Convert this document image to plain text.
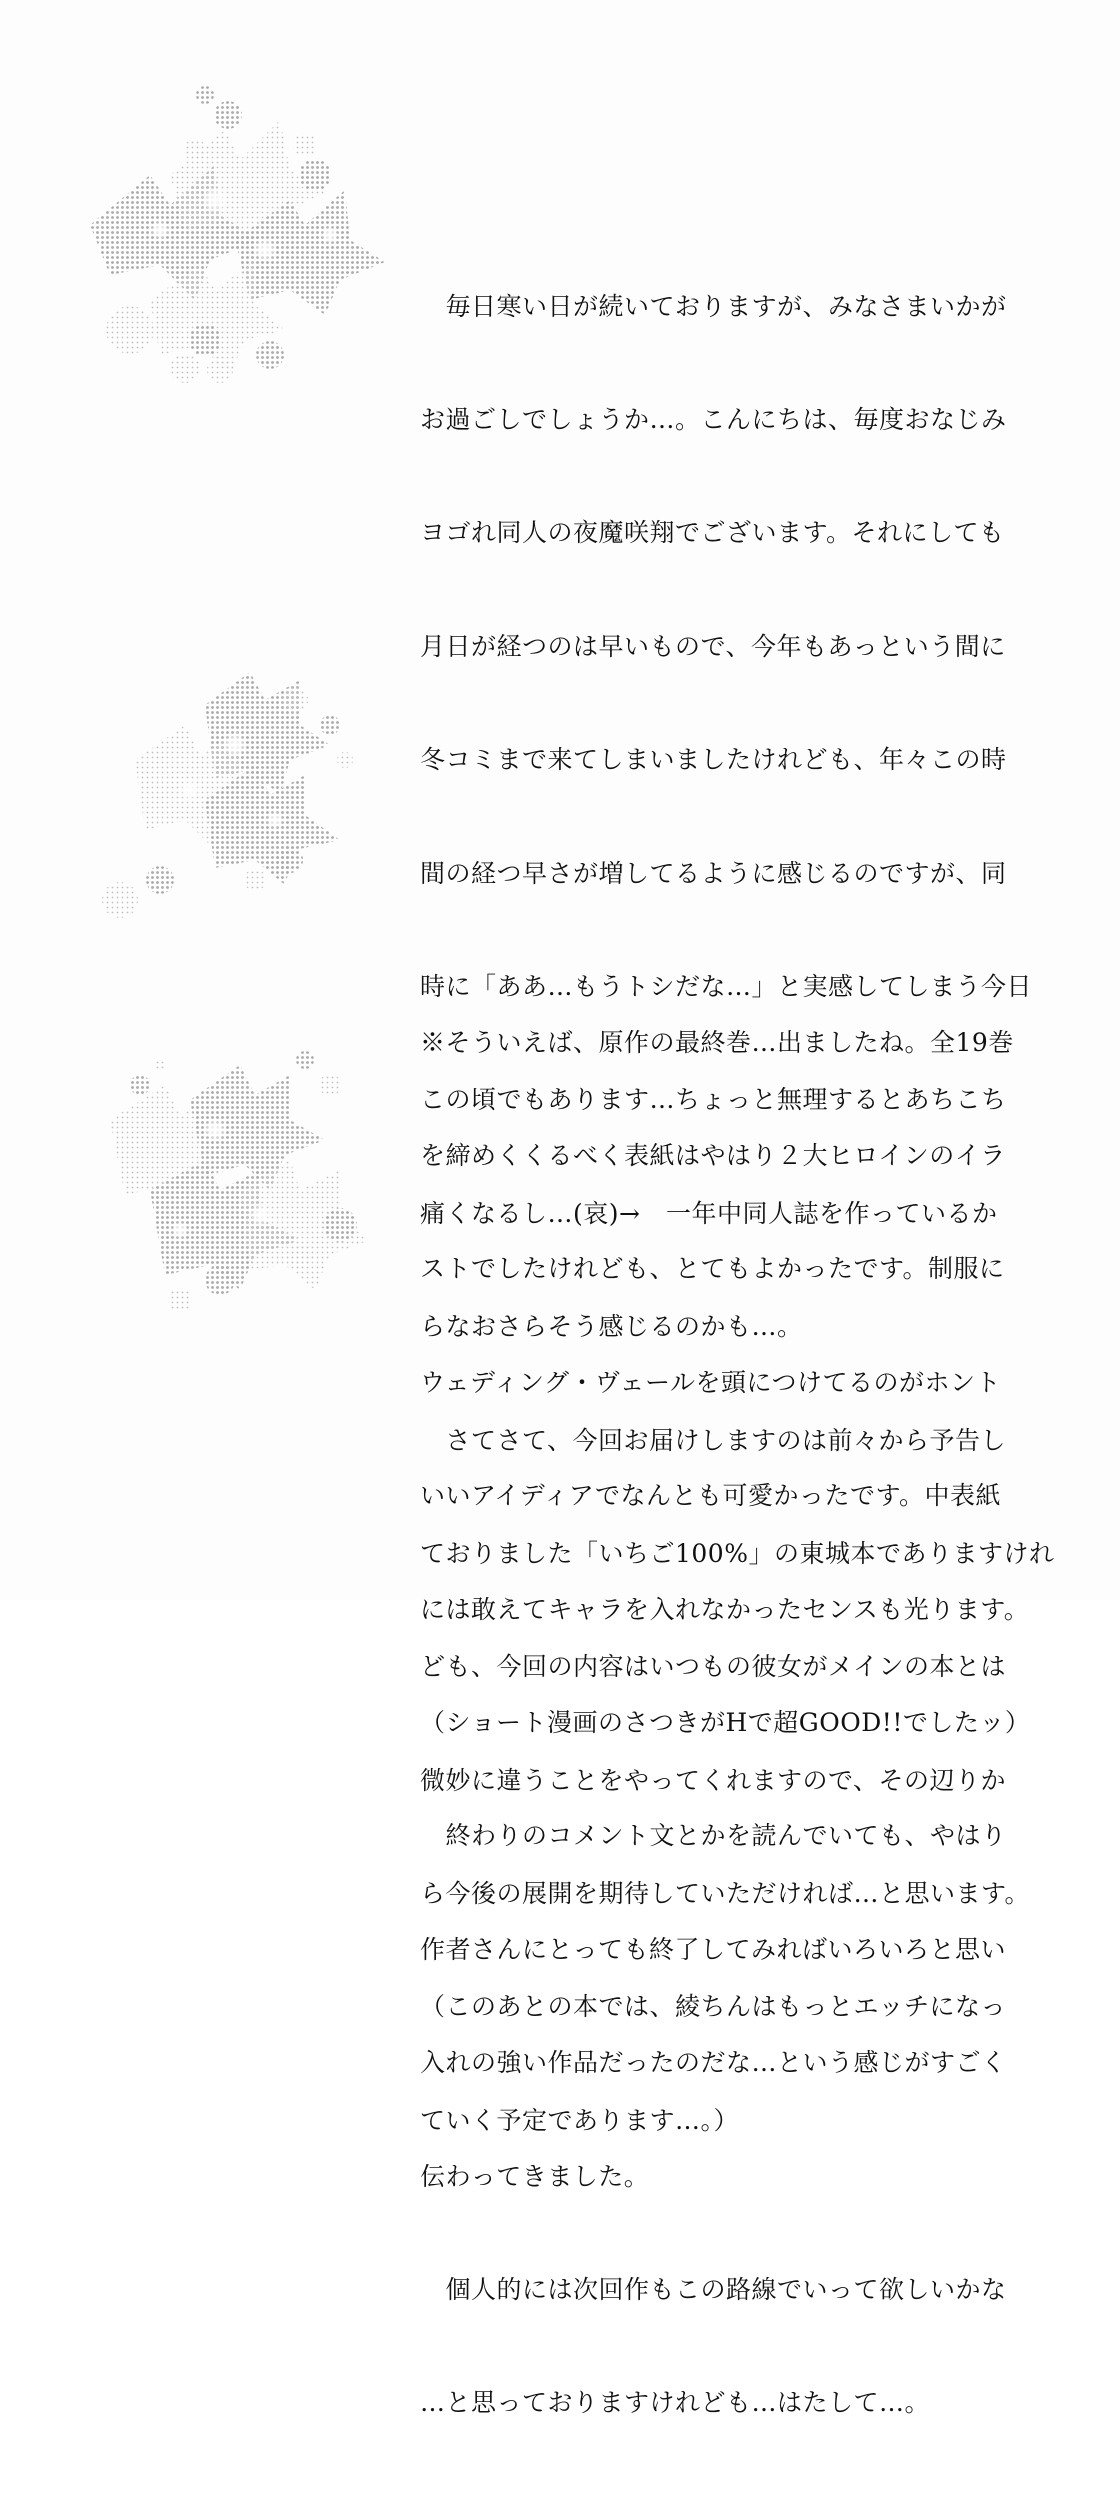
　毎日寒い日が続いておりますが、みなさまいかが

お過ごしでしょうか…。こんにちは、毎度おなじみ

ヨゴれ同人の夜魔咲翔でございます。それにしても

月日が経つのは早いもので、今年もあっという間に

冬コミまで来てしまいましたけれども、年々この時

間の経つ早さが増してるように感じるのですが、同

時に「ああ…もうトシだな…」と実感してしまう今日

この頃でもあります…ちょっと無理するとあちこち

痛くなるし…(哀)→　一年中同人誌を作っているか

らなおさらそう感じるのかも…。

　さてさて、今回お届けしますのは前々から予告し

ておりました「いちご100%」の東城本でありますけれ

ども、今回の内容はいつもの彼女がメインの本とは

微妙に違うことをやってくれますので、その辺りか

ら今後の展開を期待していただければ…と思います。

（このあとの本では、綾ちんはもっとエッチになっ

ていく予定であります…。）

※そういえば、原作の最終巻…出ましたね。全19巻

を締めくくるべく表紙はやはり２大ヒロインのイラ

ストでしたけれども、とてもよかったです。制服に

ウェディング・ヴェールを頭につけてるのがホント

いいアイディアでなんとも可愛かったです。中表紙

には敢えてキャラを入れなかったセンスも光ります。

（ショート漫画のさつきがHで超GOOD!!でしたッ）

　終わりのコメント文とかを読んでいても、やはり

作者さんにとっても終了してみればいろいろと思い

入れの強い作品だったのだな…という感じがすごく

伝わってきました。

　個人的には次回作もこの路線でいって欲しいかな

…と思っておりますけれども…はたして…。
